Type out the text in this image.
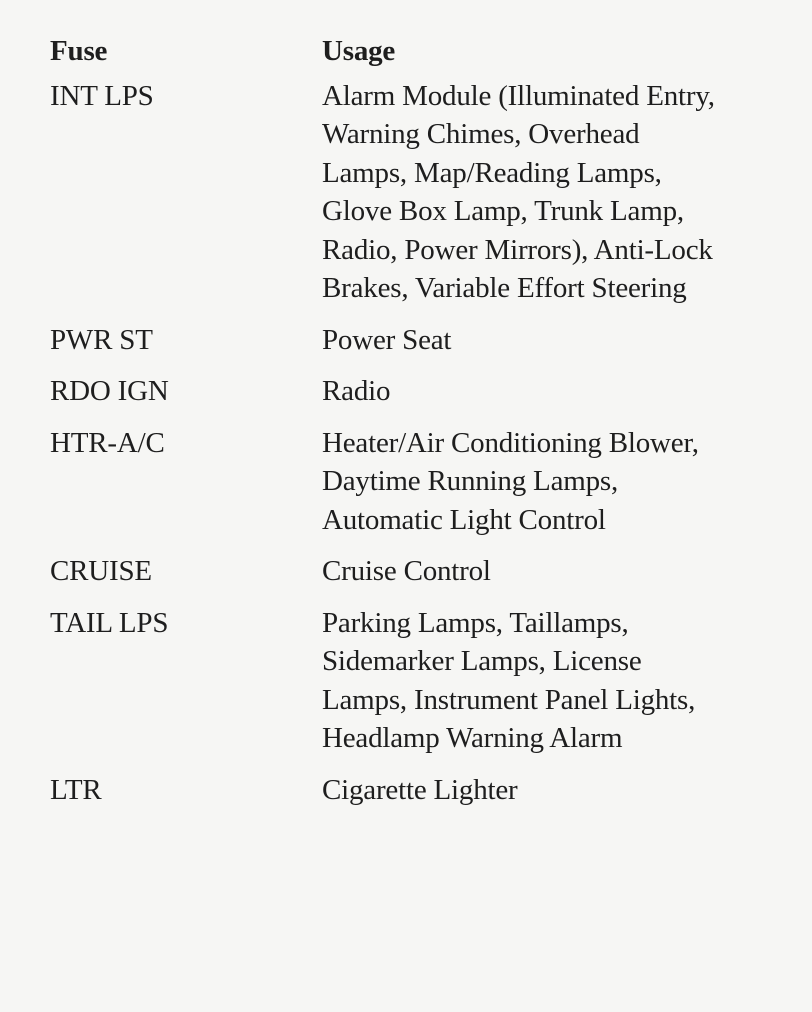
Fuse	Usage
INT LPS	Alarm Module (Illuminated Entry,
Warning Chimes, Overhead
Lamps, Map/Reading Lamps,
Glove Box Lamp, Trunk Lamp,
Radio, Power Mirrors), Anti-Lock
Brakes, Variable Effort Steering
PWR ST	Power Seat
RDO IGN	Radio
HTR-A/C	Heater/Air Conditioning Blower,
Daytime Running Lamps,
Automatic Light Control
CRUISE	Cruise Control
TAIL LPS	Parking Lamps, Taillamps,
Sidemarker Lamps, License
Lamps, Instrument Panel Lights,
Headlamp Warning Alarm
LTR	Cigarette Lighter
